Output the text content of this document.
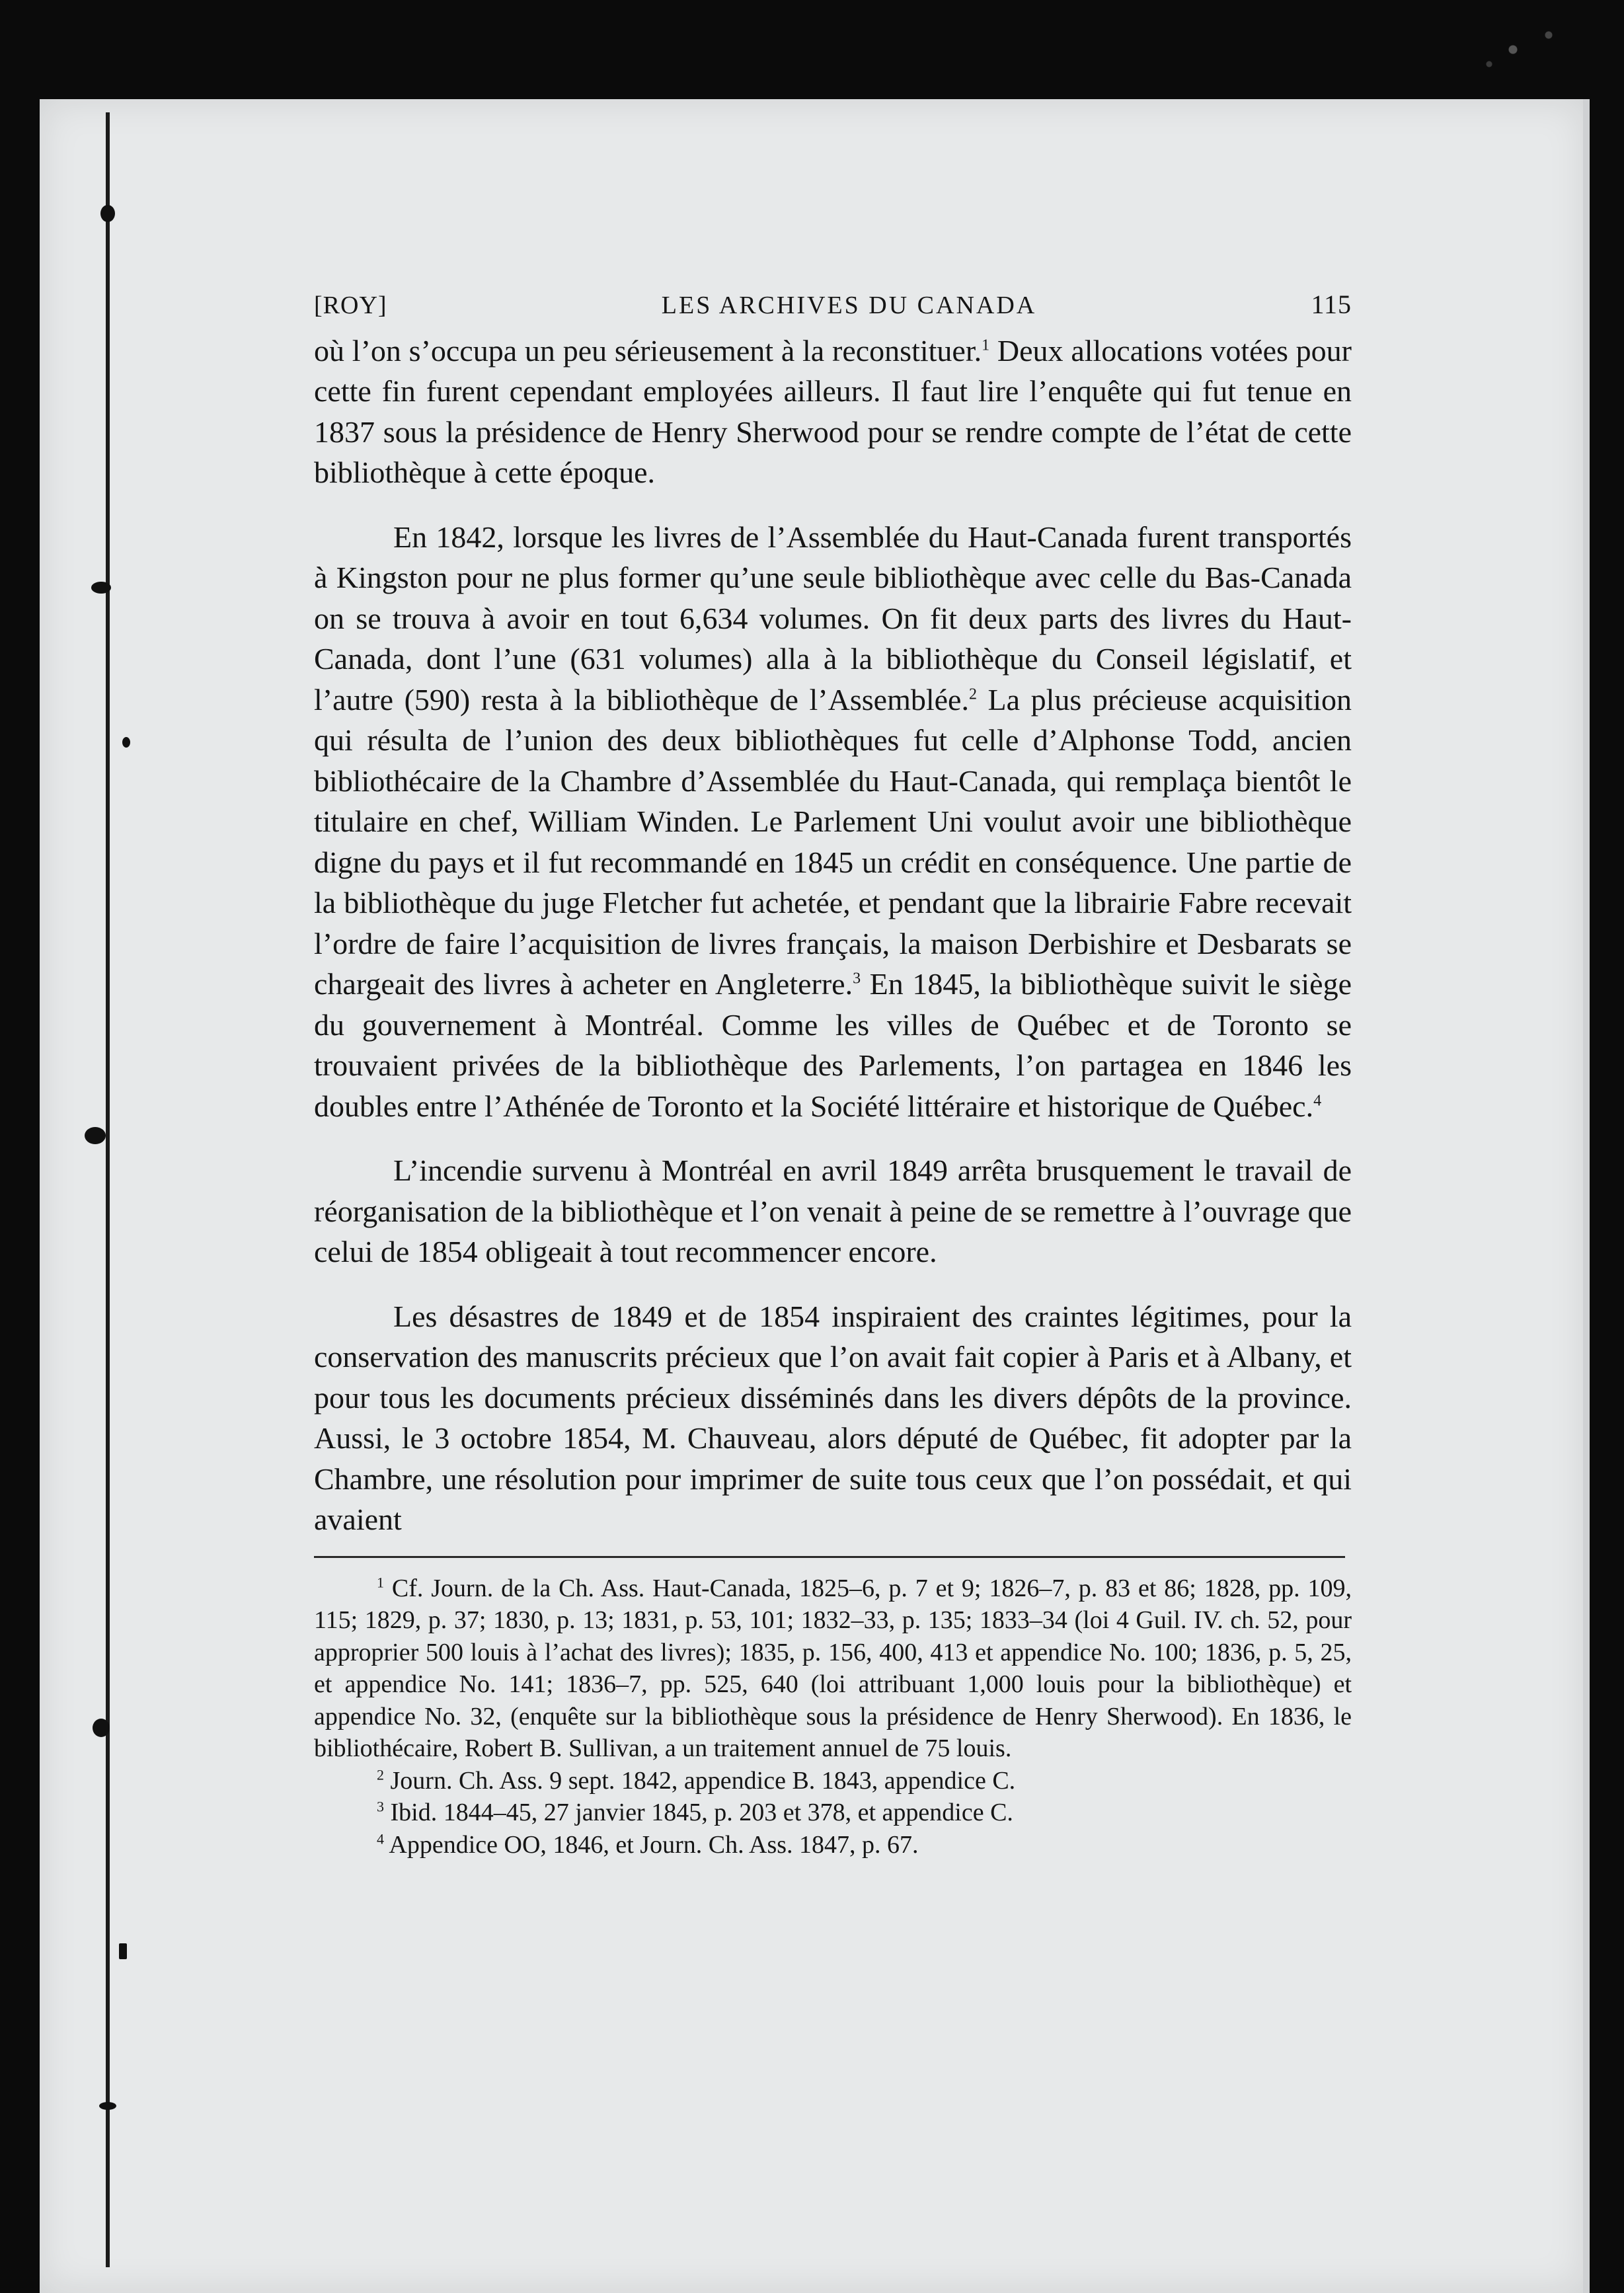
[ROY]	LES ARCHIVES DU CANADA	115

où l’on s’occupa un peu sérieusement à la reconstituer.$^1$ Deux allocations votées pour cette fin furent cependant employées ailleurs. Il faut lire l’enquête qui fut tenue en 1837 sous la présidence de Henry Sherwood pour se rendre compte de l’état de cette bibliothèque à cette époque.

En 1842, lorsque les livres de l’Assemblée du Haut-Canada furent transportés à Kingston pour ne plus former qu’une seule bibliothèque avec celle du Bas-Canada on se trouva à avoir en tout 6,634 volumes. On fit deux parts des livres du Haut-Canada, dont l’une (631 volumes) alla à la bibliothèque du Conseil législatif, et l’autre (590) resta à la bibliothèque de l’Assemblée.$^2$ La plus précieuse acquisition qui résulta de l’union des deux bibliothèques fut celle d’Alphonse Todd, ancien bibliothécaire de la Chambre d’Assemblée du Haut-Canada, qui remplaça bientôt le titulaire en chef, William Winden. Le Parlement Uni voulut avoir une bibliothèque digne du pays et il fut recommandé en 1845 un crédit en conséquence. Une partie de la bibliothèque du juge Fletcher fut achetée, et pendant que la librairie Fabre recevait l’ordre de faire l’acquisition de livres français, la maison Derbishire et Desbarats se chargeait des livres à acheter en Angleterre.$^3$ En 1845, la bibliothèque suivit le siège du gouvernement à Montréal. Comme les villes de Québec et de Toronto se trouvaient privées de la bibliothèque des Parlements, l’on partagea en 1846 les doubles entre l’Athénée de Toronto et la Société littéraire et historique de Québec.$^4$

L’incendie survenu à Montréal en avril 1849 arrêta brusquement le travail de réorganisation de la bibliothèque et l’on venait à peine de se remettre à l’ouvrage que celui de 1854 obligeait à tout recommencer encore.

Les désastres de 1849 et de 1854 inspiraient des craintes légitimes, pour la conservation des manuscrits précieux que l’on avait fait copier à Paris et à Albany, et pour tous les documents précieux disséminés dans les divers dépôts de la province. Aussi, le 3 octobre 1854, M. Chauveau, alors député de Québec, fit adopter par la Chambre, une résolution pour imprimer de suite tous ceux que l’on possédait, et qui avaient

$^1$ Cf. Journ. de la Ch. Ass. Haut-Canada, 1825–6, p. 7 et 9; 1826–7, p. 83 et 86; 1828, pp. 109, 115; 1829, p. 37; 1830, p. 13; 1831, p. 53, 101; 1832–33, p. 135; 1833–34 (loi 4 Guil. IV. ch. 52, pour approprier 500 louis à l’achat des livres); 1835, p. 156, 400, 413 et appendice No. 100; 1836, p. 5, 25, et appendice No. 141; 1836–7, pp. 525, 640 (loi attribuant 1,000 louis pour la bibliothèque) et appendice No. 32, (enquête sur la bibliothèque sous la présidence de Henry Sherwood). En 1836, le bibliothécaire, Robert B. Sullivan, a un traitement annuel de 75 louis.

$^2$ Journ. Ch. Ass. 9 sept. 1842, appendice B. 1843, appendice C.

$^3$ Ibid. 1844–45, 27 janvier 1845, p. 203 et 378, et appendice C.

$^4$ Appendice OO, 1846, et Journ. Ch. Ass. 1847, p. 67.
